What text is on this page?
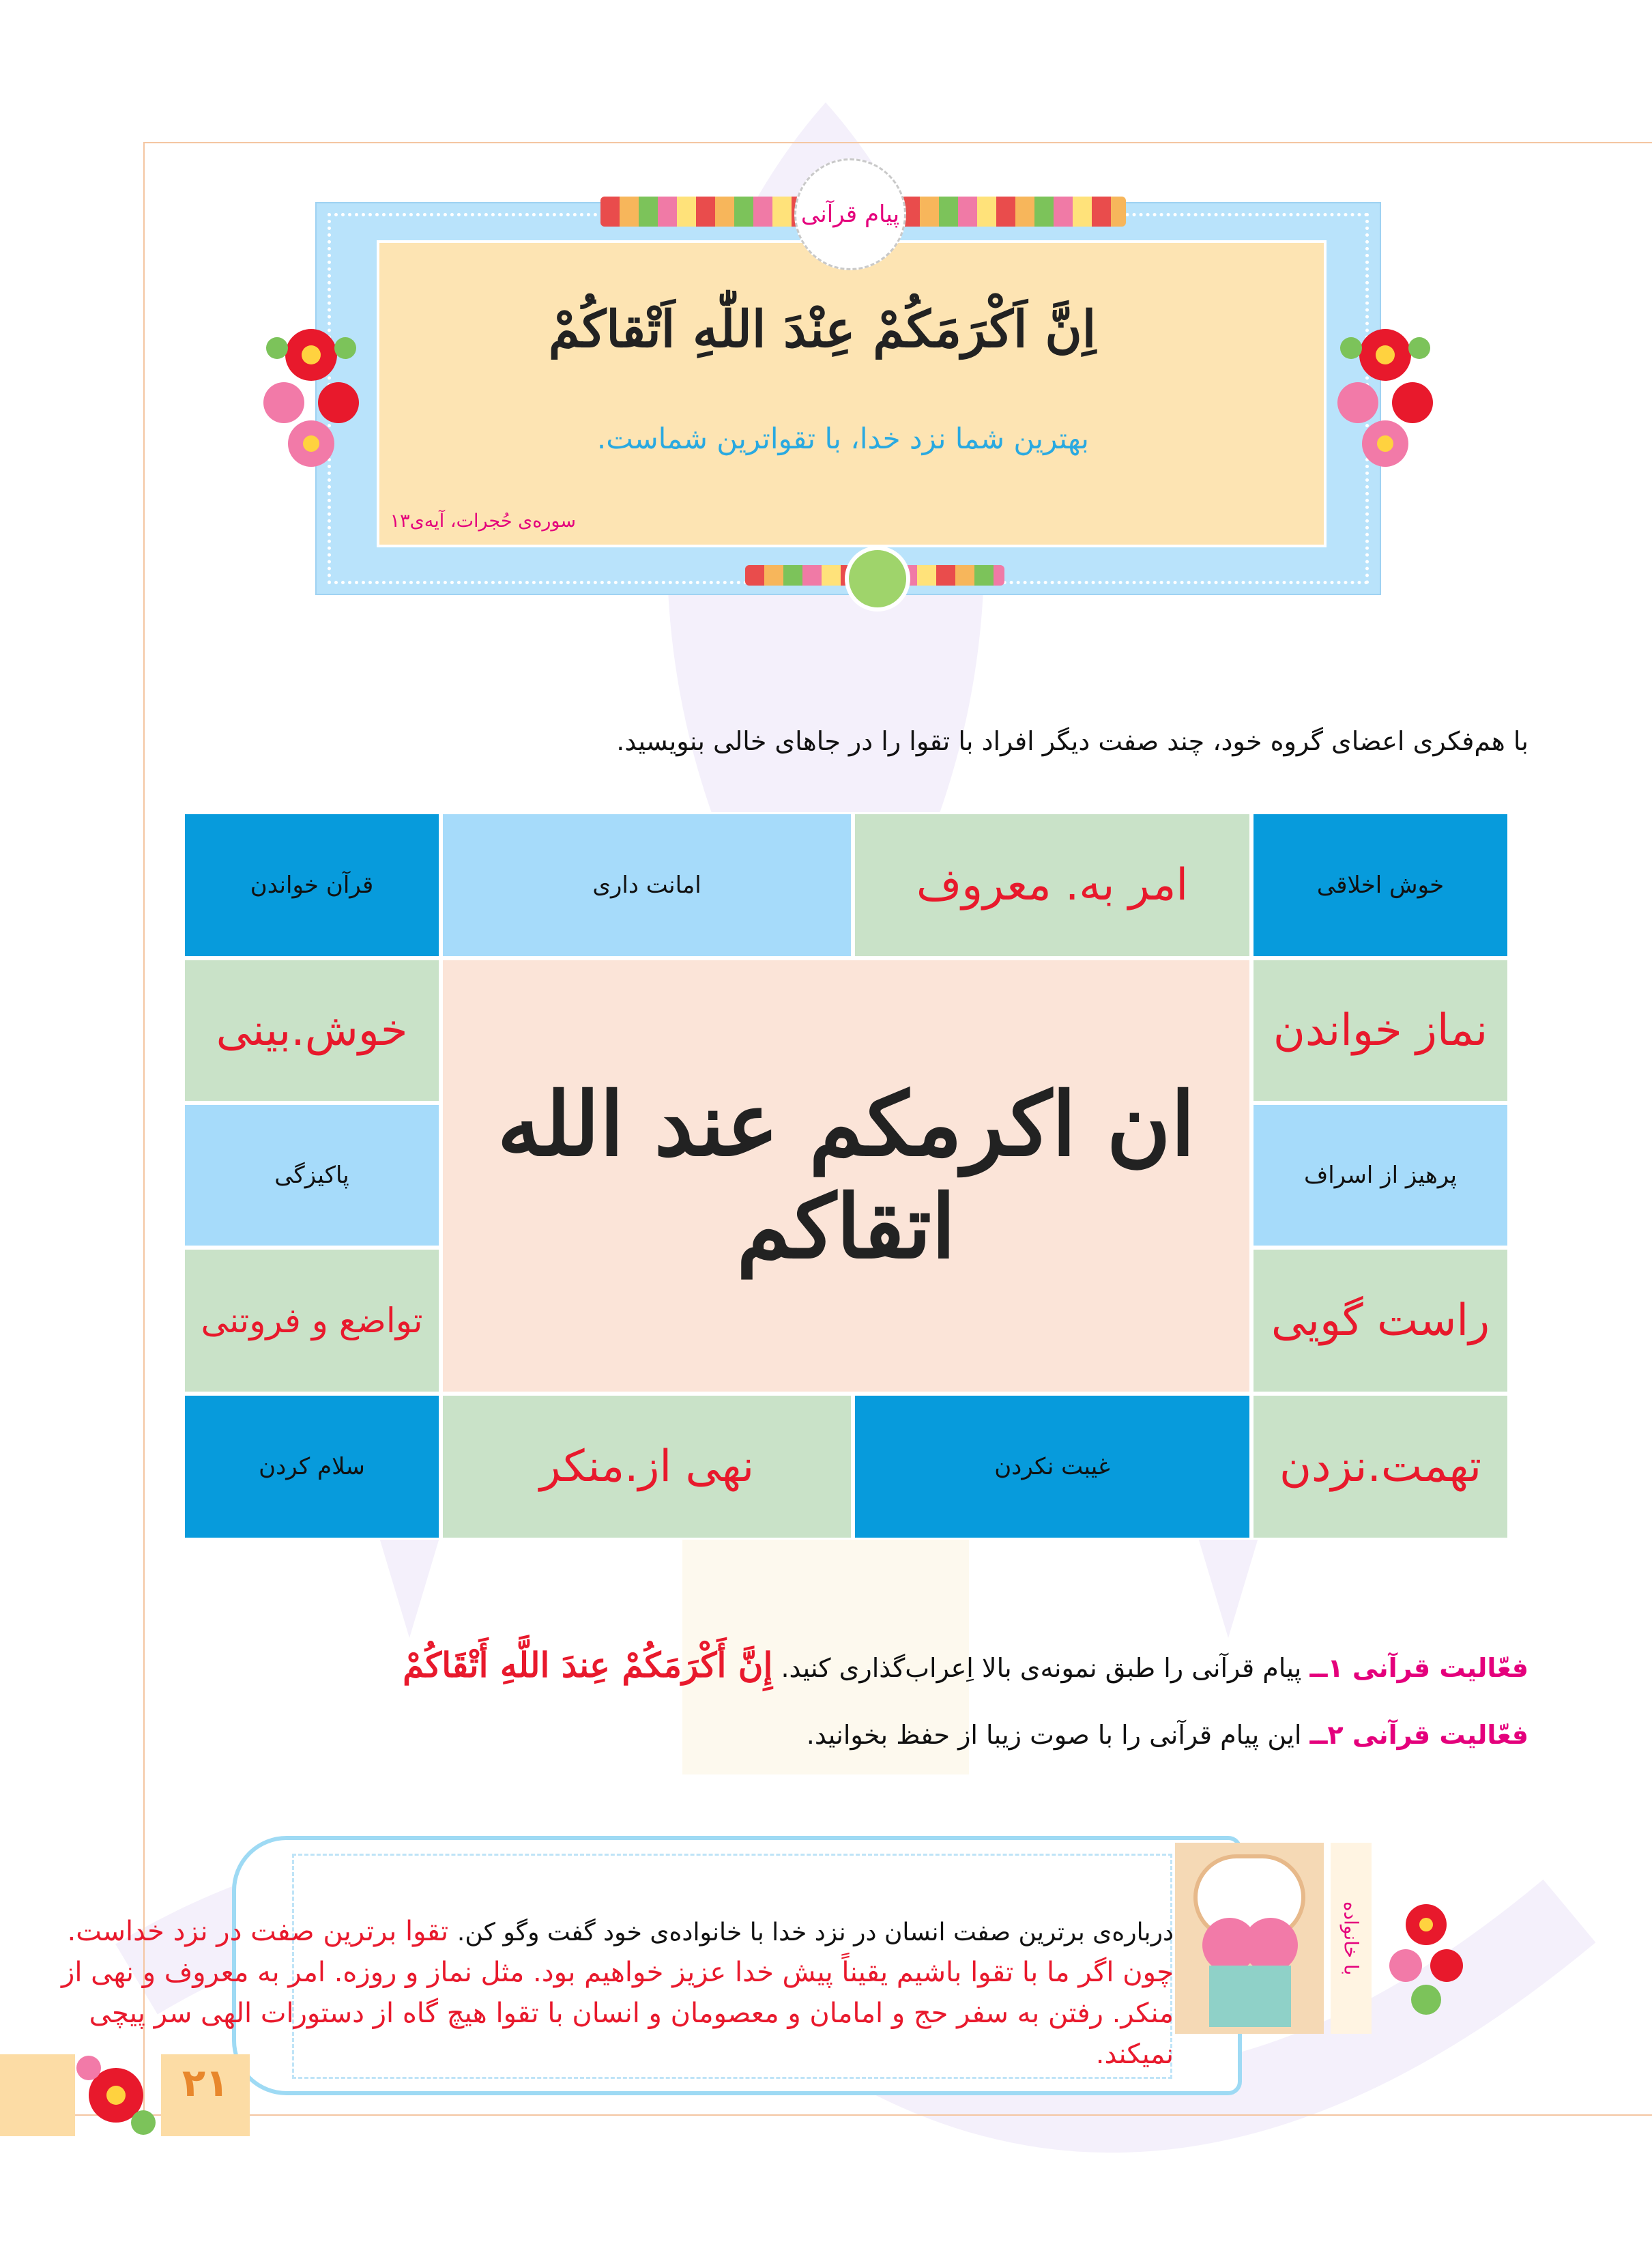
پیام قرآنی
اِنَّ اَکْرَمَکُمْ عِنْدَ اللّٰهِ اَتْقاکُمْ
بهترین شما نزد خدا، با تقواترین شماست.
سوره‌ی حُجرات، آیه‌ی۱۳
با هم‌فکری اعضای گروه خود، چند صفت دیگر افراد با تقوا را در جاهای خالی بنویسید.
خوش اخلاقی
امر به. معروف
امانت داری
قرآن خواندن
نماز خواندن
خوش.بینی
پرهیز از اسراف
پاکیزگی
راست گویی
تواضع و فروتنی
ان اکرمکم عند الله اتقاکم
تهمت.نزدن
غیبت نکردن
نهی از.منکر
سلام کردن
فعّالیت قرآنی ۱ــ پیام قرآنی را طبق نمونه‌ی بالا اِعراب‌گذاری کنید. إِنَّ أَكْرَمَكُمْ عِندَ اللَّهِ أَتْقَاكُمْ
فعّالیت قرآنی ۲ــ این پیام قرآنی را با صوت زیبا از حفظ بخوانید.
با خانواده
درباره‌ی برترین صفت انسان در نزد خدا با خانواده‌ی خود گفت‌ وگو کن. تقوا برترین صفت در نزد خداست. چون اگر ما با تقوا باشیم یقیناً پیش خدا عزیز خواهیم بود. مثل نماز و روزه. امر به معروف و نهی از منکر. رفتن به سفر حج و امامان و معصومان و انسان با تقوا هیچ گاه از دستورات الهی سر پیچی نمیکند.
۲۱
